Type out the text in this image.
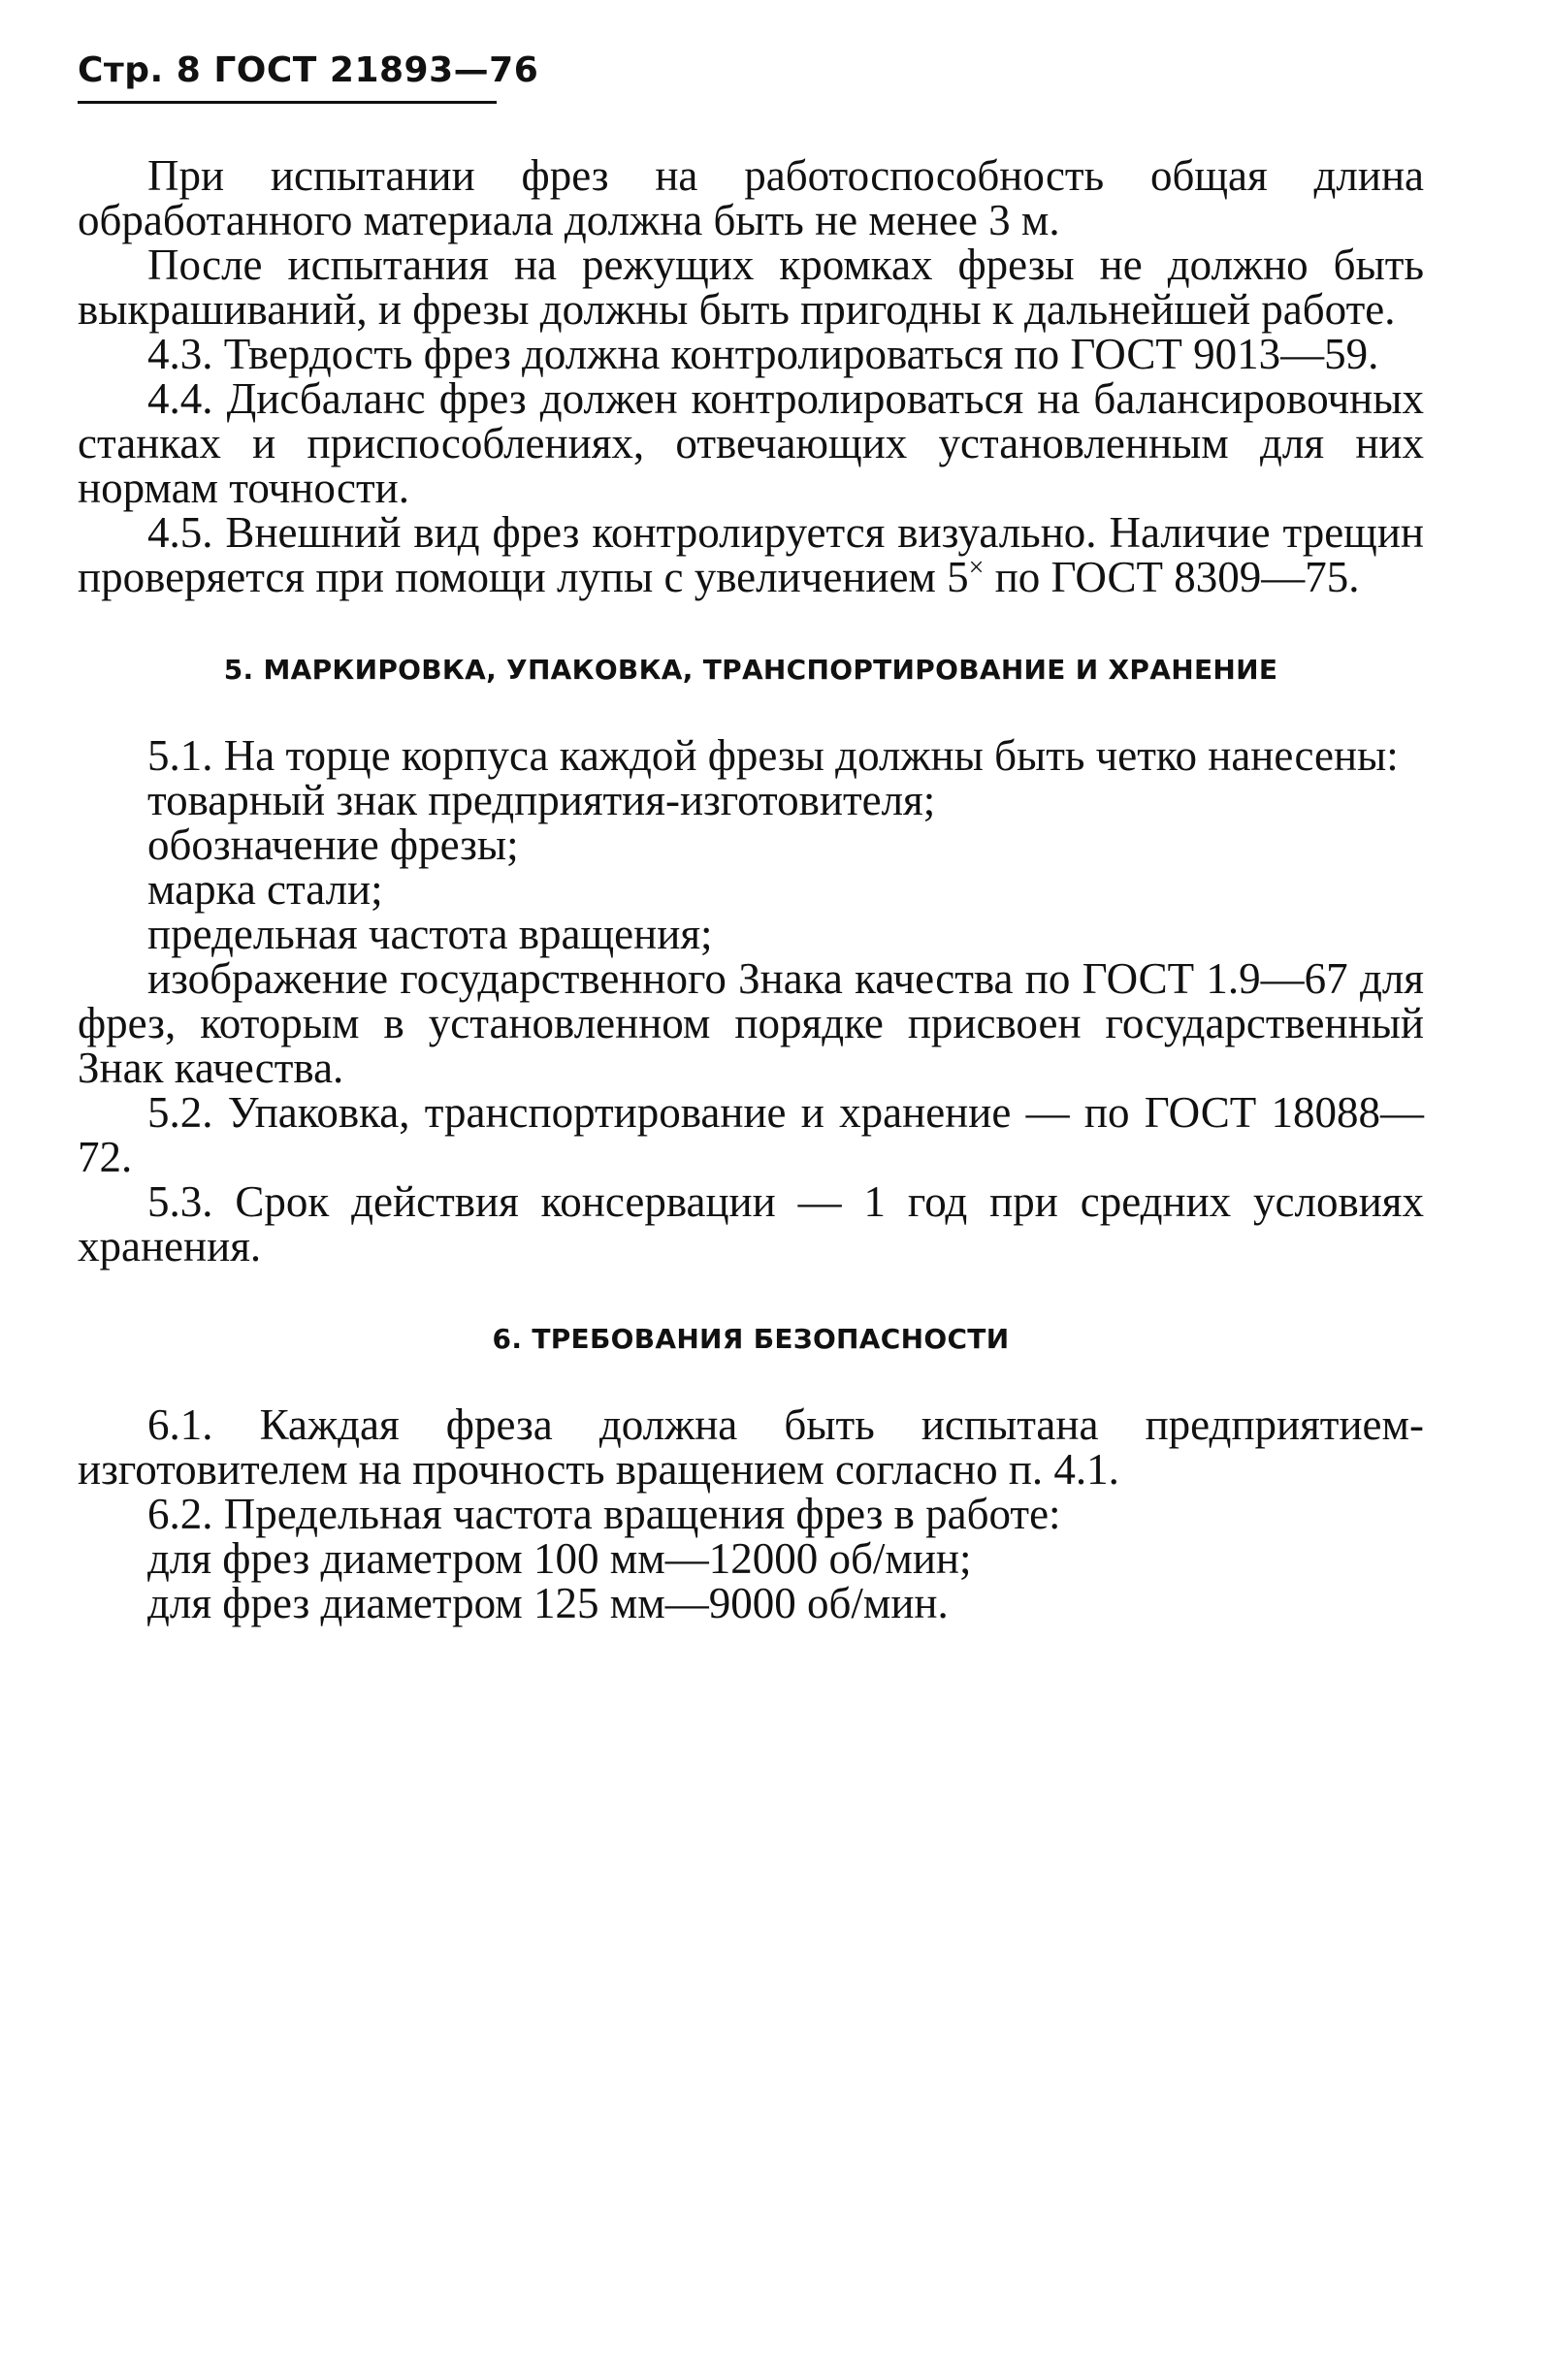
Стр. 8 ГОСТ 21893—76

При испытании фрез на работоспособность общая длина обработанного материала должна быть не менее 3 м.

После испытания на режущих кромках фрезы не должно быть выкрашиваний, и фрезы должны быть пригодны к дальнейшей работе.

4.3. Твердость фрез должна контролироваться по ГОСТ 9013—59.

4.4. Дисбаланс фрез должен контролироваться на балансировочных станках и приспособлениях, отвечающих установленным для них нормам точности.

4.5. Внешний вид фрез контролируется визуально. Наличие трещин проверяется при помощи лупы с увеличением 5× по ГОСТ 8309—75.

5. МАРКИРОВКА, УПАКОВКА, ТРАНСПОРТИРОВАНИЕ И ХРАНЕНИЕ

5.1. На торце корпуса каждой фрезы должны быть четко нанесены:

товарный знак предприятия-изготовителя;

обозначение фрезы;

марка стали;

предельная частота вращения;

изображение государственного Знака качества по ГОСТ 1.9—67 для фрез, которым в установленном порядке присвоен государственный Знак качества.

5.2. Упаковка, транспортирование и хранение — по ГОСТ 18088—72.

5.3. Срок действия консервации — 1 год при средних условиях хранения.

6. ТРЕБОВАНИЯ БЕЗОПАСНОСТИ

6.1. Каждая фреза должна быть испытана предприятием-изготовителем на прочность вращением согласно п. 4.1.

6.2. Предельная частота вращения фрез в работе:

для фрез диаметром 100 мм—12000 об/мин;

для фрез диаметром 125 мм—9000 об/мин.
